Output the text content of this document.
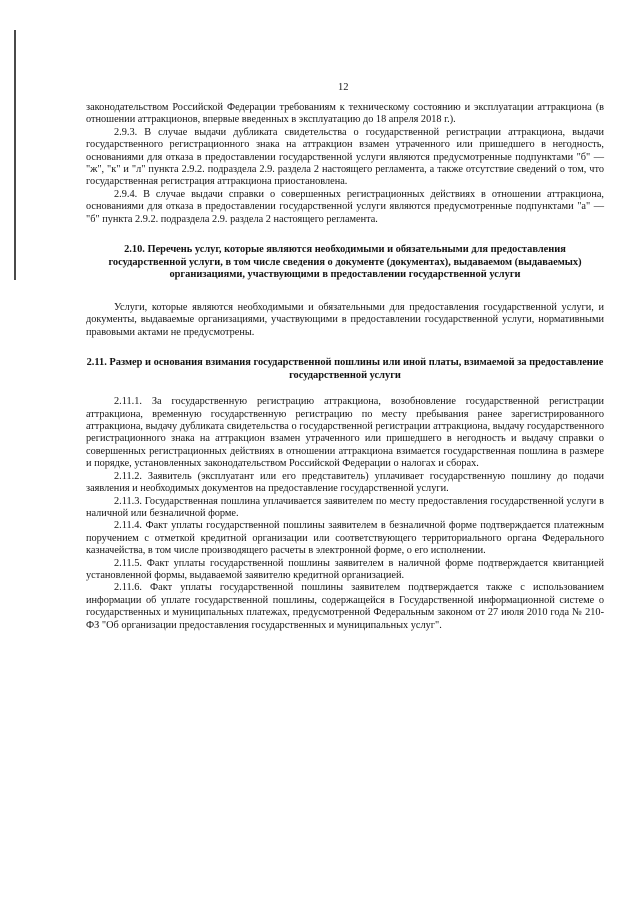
12

законодательством Российской Федерации требованиям к техническому состоянию и эксплуатации аттракциона (в отношении аттракционов, впервые введенных в эксплуатацию до 18 апреля 2018 г.).

2.9.3. В случае выдачи дубликата свидетельства о государственной регистрации аттракциона, выдачи государственного регистрационного знака на аттракцион взамен утраченного или пришедшего в негодность, основаниями для отказа в предоставлении государственной услуги являются предусмотренные подпунктами "б" — "ж", "к" и "л" пункта 2.9.2. подраздела 2.9. раздела 2 настоящего регламента, а также отсутствие сведений о том, что государственная регистрация аттракциона приостановлена.

2.9.4. В случае выдачи справки о совершенных регистрационных действиях в отношении аттракциона, основаниями для отказа в предоставлении государственной услуги являются предусмотренные подпунктами "а" — "б" пункта 2.9.2. подраздела 2.9. раздела 2 настоящего регламента.

2.10. Перечень услуг, которые являются необходимыми и обязательными для предоставления государственной услуги, в том числе сведения о документе (документах), выдаваемом (выдаваемых) организациями, участвующими в предоставлении государственной услуги

Услуги, которые являются необходимыми и обязательными для предоставления государственной услуги, и документы, выдаваемые организациями, участвующими в предоставлении государственной услуги, нормативными правовыми актами не предусмотрены.

2.11. Размер и основания взимания государственной пошлины или иной платы, взимаемой за предоставление государственной услуги

2.11.1. За государственную регистрацию аттракциона, возобновление государственной регистрации аттракциона, временную государственную регистрацию по месту пребывания ранее зарегистрированного аттракциона, выдачу дубликата свидетельства о государственной регистрации аттракциона, выдачу государственного регистрационного знака на аттракцион взамен утраченного или пришедшего в негодность и выдачу справки о совершенных регистрационных действиях в отношении аттракциона взимается государственная пошлина в размере и порядке, установленных законодательством Российской Федерации о налогах и сборах.

2.11.2. Заявитель (эксплуатант или его представитель) уплачивает государственную пошлину до подачи заявления и необходимых документов на предоставление государственной услуги.

2.11.3. Государственная пошлина уплачивается заявителем по месту предоставления государственной услуги в наличной или безналичной форме.

2.11.4. Факт уплаты государственной пошлины заявителем в безналичной форме подтверждается платежным поручением с отметкой кредитной организации или соответствующего территориального органа Федерального казначейства, в том числе производящего расчеты в электронной форме, о его исполнении.

2.11.5. Факт уплаты государственной пошлины заявителем в наличной форме подтверждается квитанцией установленной формы, выдаваемой заявителю кредитной организацией.

2.11.6. Факт уплаты государственной пошлины заявителем подтверждается также с использованием информации об уплате государственной пошлины, содержащейся в Государственной информационной системе о государственных и муниципальных платежах, предусмотренной Федеральным законом от 27 июля 2010 года № 210-ФЗ "Об организации предоставления государственных и муниципальных услуг".
